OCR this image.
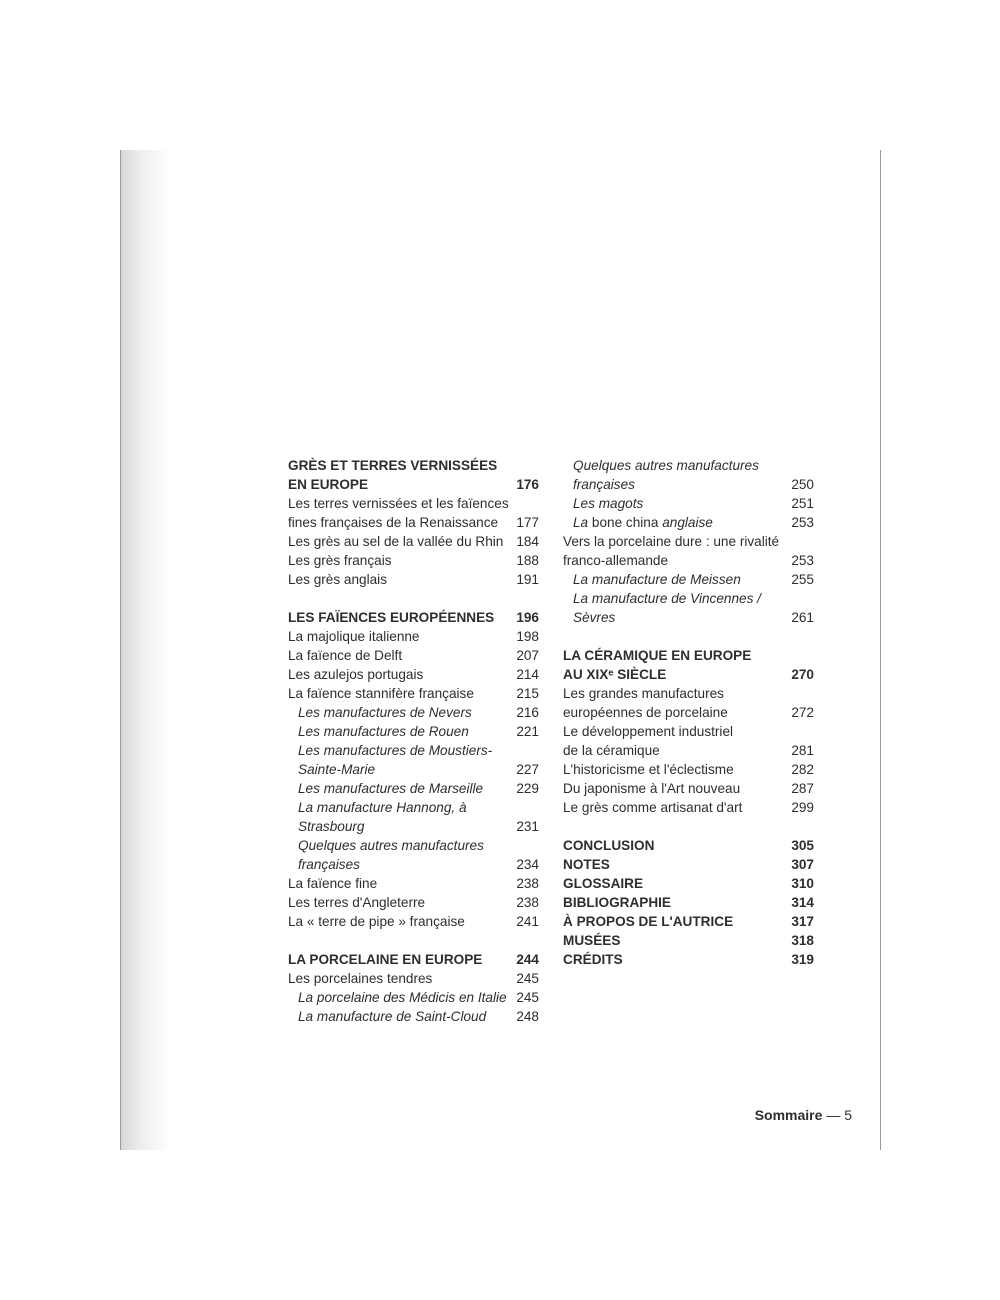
GRÈS ET TERRES VERNISSÉES
EN EUROPE	176
Les terres vernissées et les faïences
fines françaises de la Renaissance	177
Les grès au sel de la vallée du Rhin 184
Les grès français	188
Les grès anglais	191
LES FAÏENCES EUROPÉENNES	196
La majolique italienne	198
La faïence de Delft	207
Les azulejos portugais	214
La faïence stannifère française	215
Les manufactures de Nevers	216
Les manufactures de Rouen	221
Les manufactures de Moustiers-
Sainte-Marie	227
Les manufactures de Marseille	229
La manufacture Hannong, à
Strasbourg	231
Quelques autres manufactures
françaises	234
La faïence fine	238
Les terres d'Angleterre	238
La « terre de pipe » française	241
LA PORCELAINE EN EUROPE	244
Les porcelaines tendres	245
La porcelaine des Médicis en Italie 245
La manufacture de Saint-Cloud	248
Quelques autres manufactures
françaises	250
Les magots	251
La bone china anglaise	253
Vers la porcelaine dure : une rivalité
franco-allemande	253
La manufacture de Meissen	255
La manufacture de Vincennes /
Sèvres	261
LA CÉRAMIQUE EN EUROPE
AU XIXᵉ SIÈCLE	270
Les grandes manufactures
européennes de porcelaine	272
Le développement industriel
de la céramique	281
L'historicisme et l'éclectisme	282
Du japonisme à l'Art nouveau	287
Le grès comme artisanat d'art	299
CONCLUSION	305
NOTES	307
GLOSSAIRE	310
BIBLIOGRAPHIE	314
À PROPOS DE L'AUTRICE	317
MUSÉES	318
CRÉDITS	319
Sommaire — 5
